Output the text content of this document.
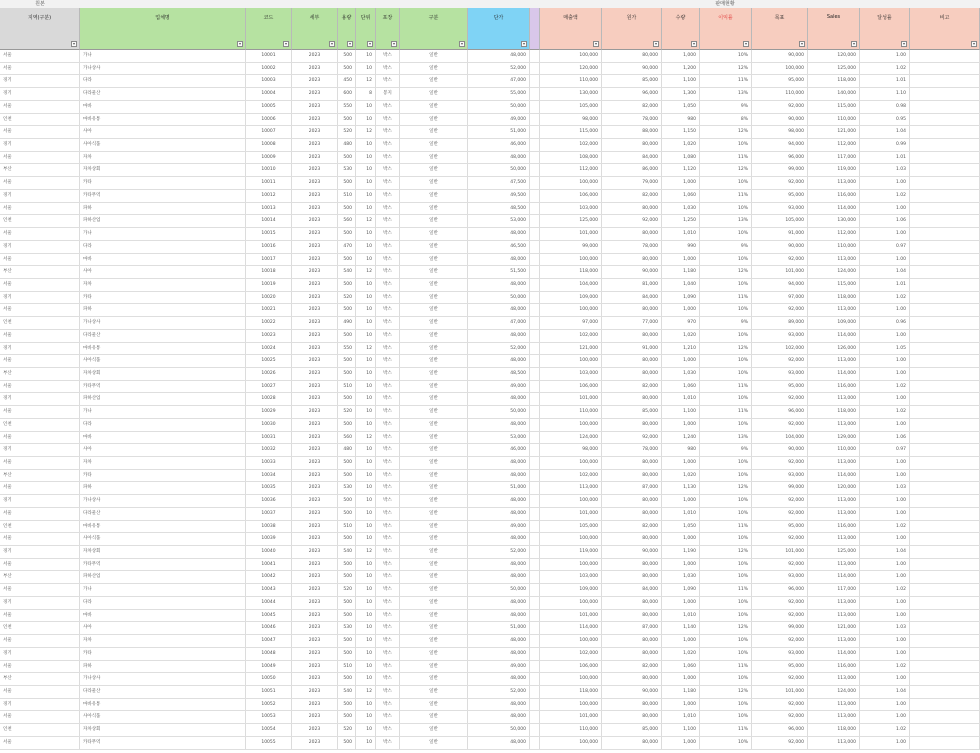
원본	판매현황
지역(구분)	업체명	코드	세부	용량	단위	포장	구분	단가	매출액	원가	수량	이익률	목표	Sales	달성률	비고
서울	가나	10001	2023	500	10	박스	일반	48,000	100,000	80,000	1,000	10%	90,000	120,000	1.00
서울	가나상사	10002	2023	500	10	박스	일반	52,000	120,000	90,000	1,200	12%	100,000	125,000	1.02
경기	다라	10003	2023	450	12	박스	일반	47,000	110,000	85,000	1,100	11%	95,000	118,000	1.01
경기	다라물산	10004	2023	600	8	봉지	일반	55,000	130,000	96,000	1,300	13%	110,000	140,000	1.10
서울	마바	10005	2023	550	10	박스	일반	50,000	105,000	82,000	1,050	9%	92,000	115,000	0.98
인천	마바유통	10006	2023	500	10	박스	일반	49,000	98,000	78,000	980	8%	90,000	110,000	0.95
서울	사아	10007	2023	520	12	박스	일반	51,000	115,000	88,000	1,150	12%	98,000	121,000	1.04
경기	사아식품	10008	2023	480	10	박스	일반	46,000	102,000	80,000	1,020	10%	94,000	112,000	0.99
서울	자차	10009	2023	500	10	박스	일반	48,000	108,000	84,000	1,080	11%	96,000	117,000	1.01
부산	자차상회	10010	2023	530	10	박스	일반	50,000	112,000	86,000	1,120	12%	99,000	119,000	1.03
서울	카타	10011	2023	500	10	박스	일반	47,500	100,000	79,000	1,000	10%	92,000	113,000	1.00
경기	카타무역	10012	2023	510	10	박스	일반	49,500	106,000	82,000	1,060	11%	95,000	116,000	1.02
서울	파하	10013	2023	500	10	박스	일반	48,500	103,000	80,000	1,030	10%	93,000	114,000	1.00
인천	파하산업	10014	2023	560	12	박스	일반	53,000	125,000	92,000	1,250	13%	105,000	130,000	1.06
서울	가나	10015	2023	500	10	박스	일반	48,000	101,000	80,000	1,010	10%	91,000	112,000	1.00
경기	다라	10016	2023	470	10	박스	일반	46,500	99,000	78,000	990	9%	90,000	110,000	0.97
서울	마바	10017	2023	500	10	박스	일반	48,000	100,000	80,000	1,000	10%	92,000	113,000	1.00
부산	사아	10018	2023	540	12	박스	일반	51,500	118,000	90,000	1,180	12%	101,000	124,000	1.04
서울	자차	10019	2023	500	10	박스	일반	48,000	104,000	81,000	1,040	10%	94,000	115,000	1.01
경기	카타	10020	2023	520	10	박스	일반	50,000	109,000	84,000	1,090	11%	97,000	118,000	1.02
서울	파하	10021	2023	500	10	박스	일반	48,000	100,000	80,000	1,000	10%	92,000	113,000	1.00
인천	가나상사	10022	2023	490	10	박스	일반	47,000	97,000	77,000	970	9%	89,000	109,000	0.96
서울	다라물산	10023	2023	500	10	박스	일반	48,000	102,000	80,000	1,020	10%	93,000	114,000	1.00
경기	마바유통	10024	2023	550	12	박스	일반	52,000	121,000	91,000	1,210	12%	102,000	126,000	1.05
서울	사아식품	10025	2023	500	10	박스	일반	48,000	100,000	80,000	1,000	10%	92,000	113,000	1.00
부산	자차상회	10026	2023	500	10	박스	일반	48,500	103,000	80,000	1,030	10%	93,000	114,000	1.00
서울	카타무역	10027	2023	510	10	박스	일반	49,000	106,000	82,000	1,060	11%	95,000	116,000	1.02
경기	파하산업	10028	2023	500	10	박스	일반	48,000	101,000	80,000	1,010	10%	92,000	113,000	1.00
서울	가나	10029	2023	520	10	박스	일반	50,000	110,000	85,000	1,100	11%	96,000	118,000	1.02
인천	다라	10030	2023	500	10	박스	일반	48,000	100,000	80,000	1,000	10%	92,000	113,000	1.00
서울	마바	10031	2023	560	12	박스	일반	53,000	124,000	92,000	1,240	13%	104,000	129,000	1.06
경기	사아	10032	2023	480	10	박스	일반	46,000	98,000	78,000	980	9%	90,000	110,000	0.97
서울	자차	10033	2023	500	10	박스	일반	48,000	100,000	80,000	1,000	10%	92,000	113,000	1.00
부산	카타	10034	2023	500	10	박스	일반	48,000	102,000	80,000	1,020	10%	93,000	114,000	1.00
서울	파하	10035	2023	530	10	박스	일반	51,000	113,000	87,000	1,130	12%	99,000	120,000	1.03
경기	가나상사	10036	2023	500	10	박스	일반	48,000	100,000	80,000	1,000	10%	92,000	113,000	1.00
서울	다라물산	10037	2023	500	10	박스	일반	48,000	101,000	80,000	1,010	10%	92,000	113,000	1.00
인천	마바유통	10038	2023	510	10	박스	일반	49,000	105,000	82,000	1,050	11%	95,000	116,000	1.02
서울	사아식품	10039	2023	500	10	박스	일반	48,000	100,000	80,000	1,000	10%	92,000	113,000	1.00
경기	자차상회	10040	2023	540	12	박스	일반	52,000	119,000	90,000	1,190	12%	101,000	125,000	1.04
서울	카타무역	10041	2023	500	10	박스	일반	48,000	100,000	80,000	1,000	10%	92,000	113,000	1.00
부산	파하산업	10042	2023	500	10	박스	일반	48,000	103,000	80,000	1,030	10%	93,000	114,000	1.00
서울	가나	10043	2023	520	10	박스	일반	50,000	109,000	84,000	1,090	11%	96,000	117,000	1.02
경기	다라	10044	2023	500	10	박스	일반	48,000	100,000	80,000	1,000	10%	92,000	113,000	1.00
서울	마바	10045	2023	500	10	박스	일반	48,000	101,000	80,000	1,010	10%	92,000	113,000	1.00
인천	사아	10046	2023	530	10	박스	일반	51,000	114,000	87,000	1,140	12%	99,000	121,000	1.03
서울	자차	10047	2023	500	10	박스	일반	48,000	100,000	80,000	1,000	10%	92,000	113,000	1.00
경기	카타	10048	2023	500	10	박스	일반	48,000	102,000	80,000	1,020	10%	93,000	114,000	1.00
서울	파하	10049	2023	510	10	박스	일반	49,000	106,000	82,000	1,060	11%	95,000	116,000	1.02
부산	가나상사	10050	2023	500	10	박스	일반	48,000	100,000	80,000	1,000	10%	92,000	113,000	1.00
서울	다라물산	10051	2023	540	12	박스	일반	52,000	118,000	90,000	1,180	12%	101,000	124,000	1.04
경기	마바유통	10052	2023	500	10	박스	일반	48,000	100,000	80,000	1,000	10%	92,000	113,000	1.00
서울	사아식품	10053	2023	500	10	박스	일반	48,000	101,000	80,000	1,010	10%	92,000	113,000	1.00
인천	자차상회	10054	2023	520	10	박스	일반	50,000	110,000	85,000	1,100	11%	96,000	118,000	1.02
서울	카타무역	10055	2023	500	10	박스	일반	48,000	100,000	80,000	1,000	10%	92,000	113,000	1.00
